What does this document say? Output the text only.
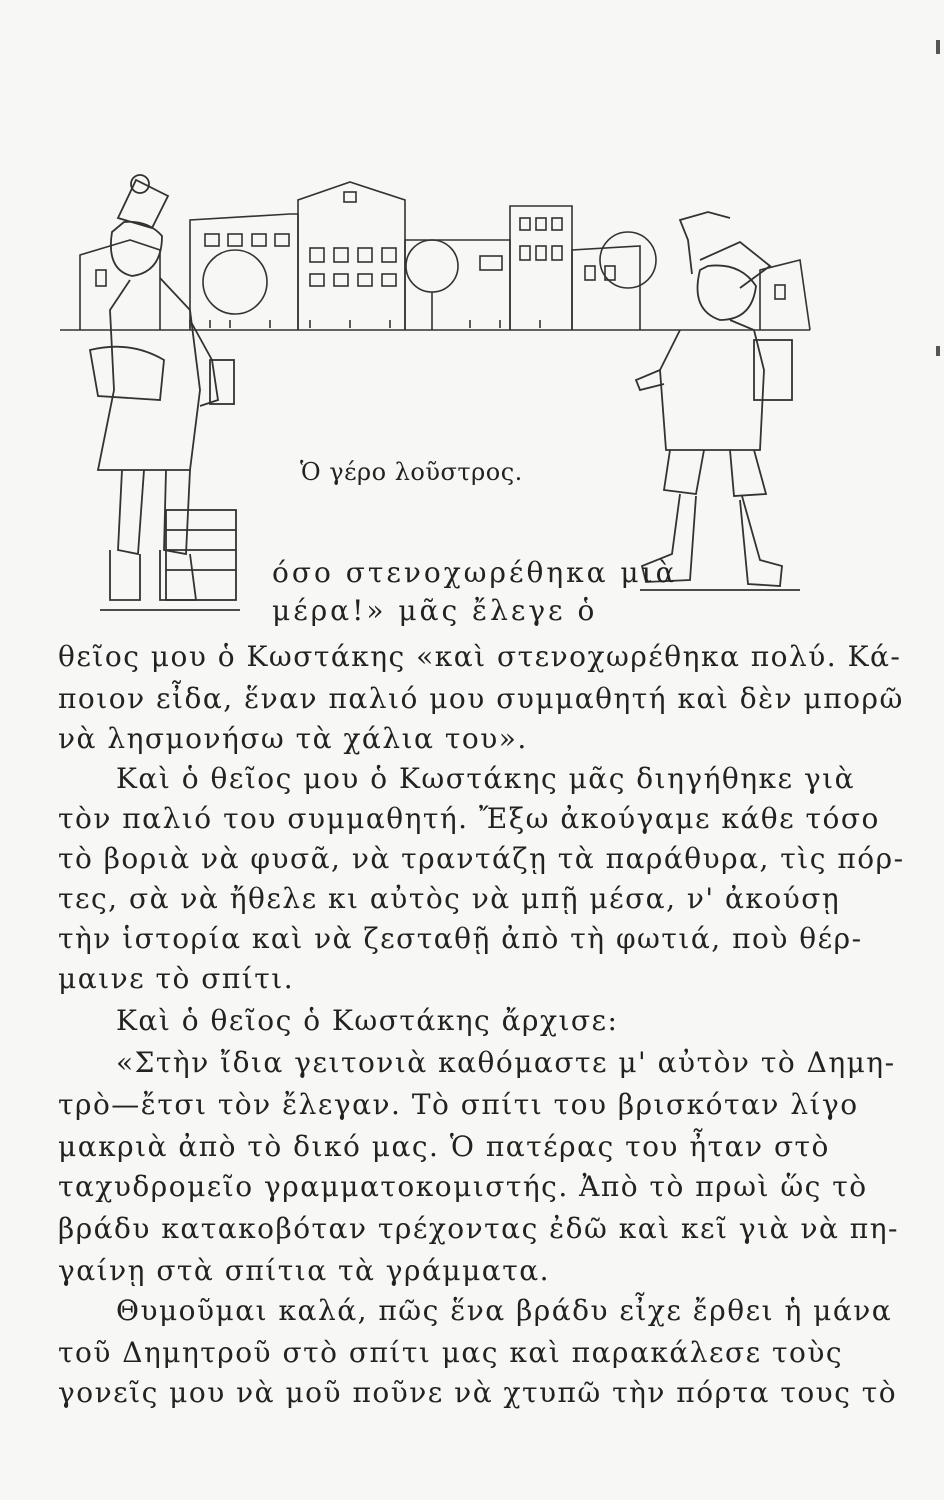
Ὁ γέρο λοῦστρος.
όσο στενοχωρέθηκα μιὰ
μέρα!» μᾶς ἔλεγε ὁ
θεῖος μου ὁ Κωστάκης «καὶ στενοχωρέθηκα πολύ. Κά-
ποιον εἶδα, ἕναν παλιό μου συμμαθητή καὶ δὲν μπορῶ
νὰ λησμονήσω τὰ χάλια του».
Καὶ ὁ θεῖος μου ὁ Κωστάκης μᾶς διηγήθηκε γιὰ
τὸν παλιό του συμμαθητή. Ἔξω ἀκούγαμε κάθε τόσο
τὸ βοριὰ νὰ φυσᾶ, νὰ τραντάζῃ τὰ παράθυρα, τὶς πόρ-
τες, σὰ νὰ ἤθελε κι αὐτὸς νὰ μπῇ μέσα, ν' ἀκούσῃ
τὴν ἱστορία καὶ νὰ ζεσταθῇ ἀπὸ τὴ φωτιά, ποὺ θέρ-
μαινε τὸ σπίτι.
Καὶ ὁ θεῖος ὁ Κωστάκης ἄρχισε:
«Στὴν ἴδια γειτονιὰ καθόμαστε μ' αὐτὸν τὸ Δημη-
τρὸ—ἔτσι τὸν ἔλεγαν. Τὸ σπίτι του βρισκόταν λίγο
μακριὰ ἀπὸ τὸ δικό μας. Ὁ πατέρας του ἦταν στὸ
ταχυδρομεῖο γραμματοκομιστής. Ἀπὸ τὸ πρωὶ ὥς τὸ
βράδυ κατακοβόταν τρέχοντας ἐδῶ καὶ κεῖ γιὰ νὰ πη-
γαίνῃ στὰ σπίτια τὰ γράμματα.
Θυμοῦμαι καλά, πῶς ἕνα βράδυ εἶχε ἔρθει ἡ μάνα
τοῦ Δημητροῦ στὸ σπίτι μας καὶ παρακάλεσε τοὺς
γονεῖς μου νὰ μοῦ ποῦνε νὰ χτυπῶ τὴν πόρτα τους τὸ
